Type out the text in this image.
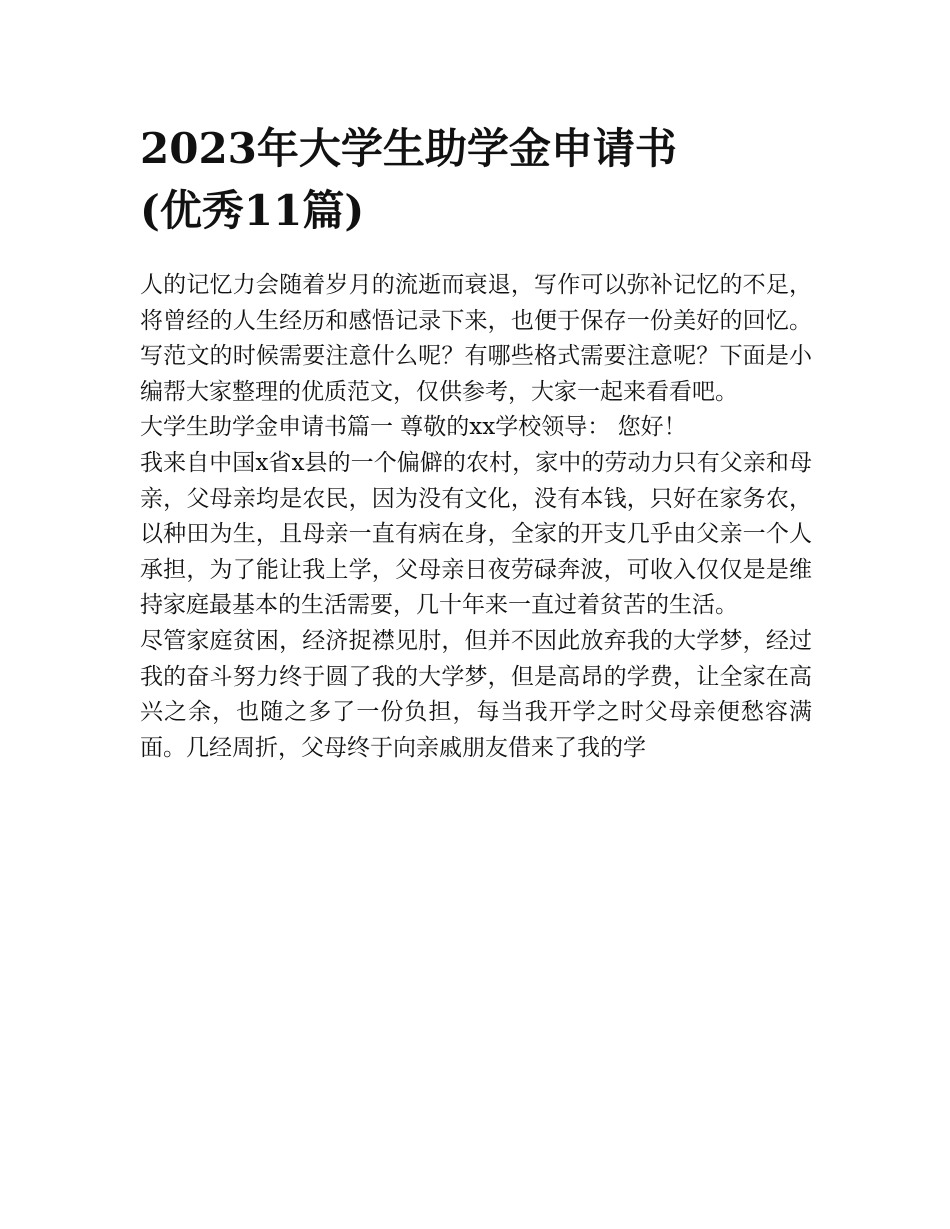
2023年大学生助学金申请书
(优秀11篇)

人的记忆力会随着岁月的流逝而衰退，写作可以弥补记忆的不足，将曾经的人生经历和感悟记录下来，也便于保存一份美好的回忆。写范文的时候需要注意什么呢？有哪些格式需要注意呢？下面是小编帮大家整理的优质范文，仅供参考，大家一起来看看吧。

大学生助学金申请书篇一 尊敬的xx学校领导： 您好！

我来自中国x省x县的一个偏僻的农村，家中的劳动力只有父亲和母亲，父母亲均是农民，因为没有文化，没有本钱，只好在家务农，以种田为生，且母亲一直有病在身，全家的开支几乎由父亲一个人承担，为了能让我上学，父母亲日夜劳碌奔波，可收入仅仅是是维持家庭最基本的生活需要，几十年来一直过着贫苦的生活。

尽管家庭贫困，经济捉襟见肘，但并不因此放弃我的大学梦，经过我的奋斗努力终于圆了我的大学梦，但是高昂的学费，让全家在高兴之余，也随之多了一份负担，每当我开学之时父母亲便愁容满面。几经周折，父母终于向亲戚朋友借来了我的学
